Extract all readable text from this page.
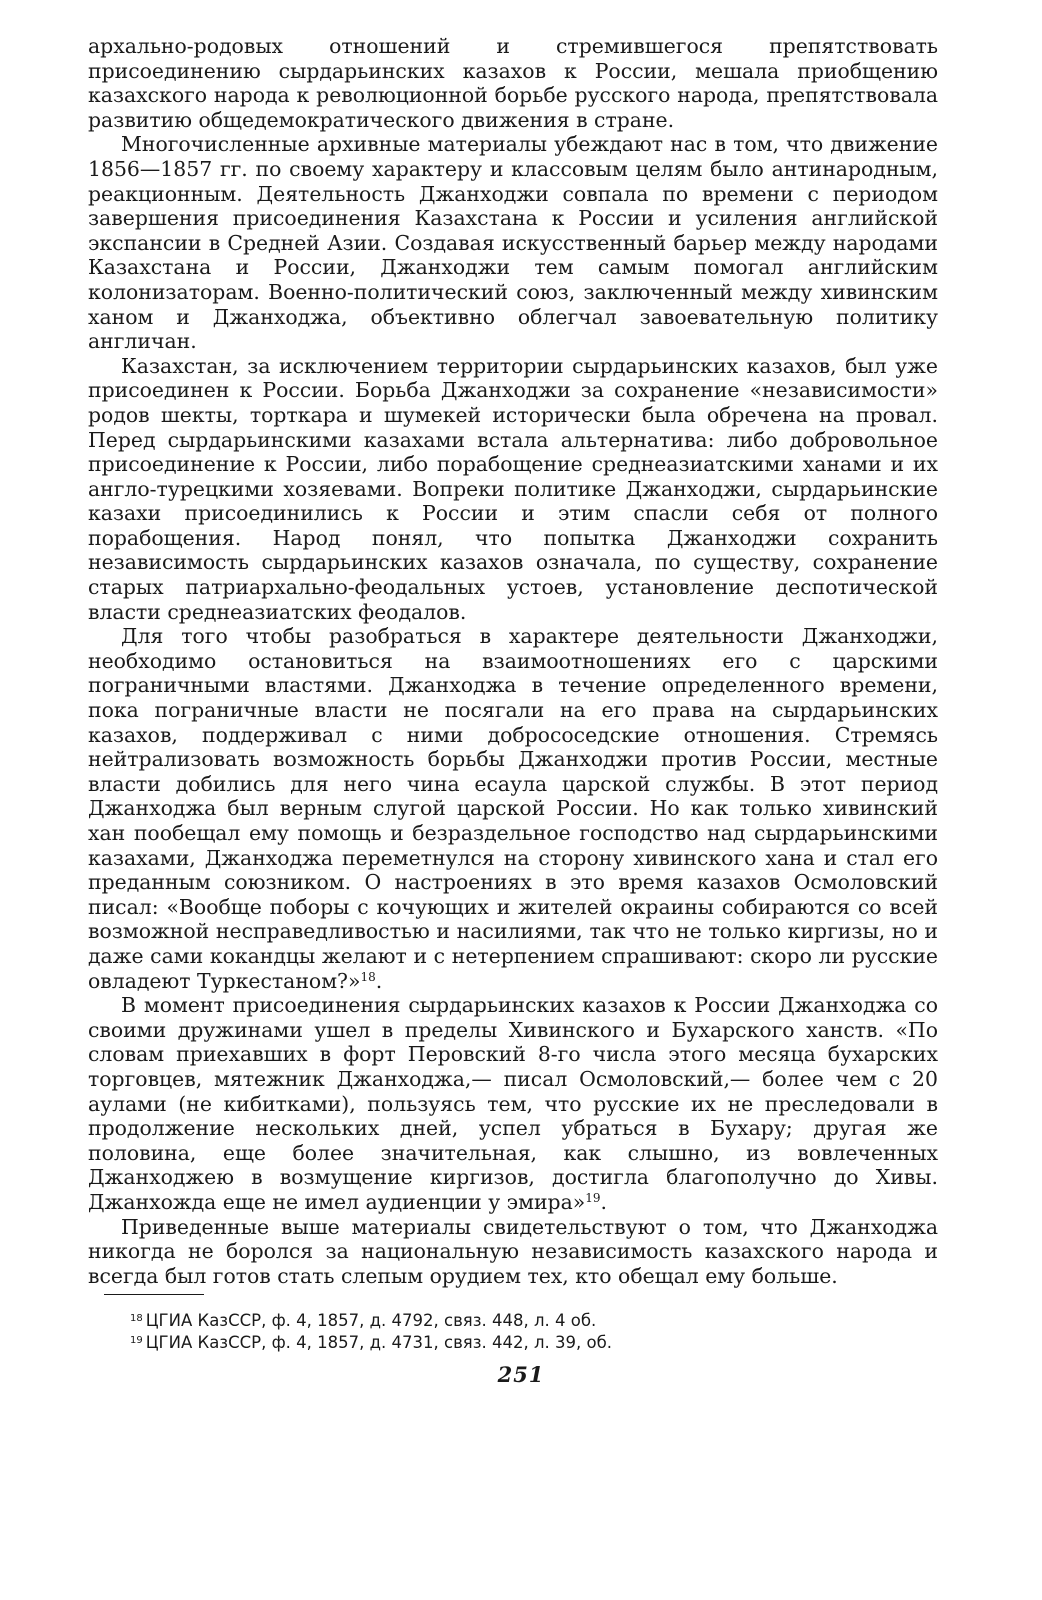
архально-родовых отношений и стремившегося препятствовать присоединению сырдарьинских казахов к России, мешала приобщению казахского народа к революционной борьбе русского народа, препятствовала развитию общедемократического движения в стране.

Многочисленные архивные материалы убеждают нас в том, что движение 1856—1857 гг. по своему характеру и классовым целям было антинародным, реакционным. Деятельность Джанходжи совпала по времени с периодом завершения присоединения Казахстана к России и усиления английской экспансии в Средней Азии. Создавая искусственный барьер между народами Казахстана и России, Джанходжи тем самым помогал английским колонизаторам. Военно-политический союз, заключенный между хивинским ханом и Джанходжа, объективно облегчал завоевательную политику англичан.

Казахстан, за исключением территории сырдарьинских казахов, был уже присоединен к России. Борьба Джанходжи за сохранение «независимости» родов шекты, торткара и шумекей исторически была обречена на провал. Перед сырдарьинскими казахами встала альтернатива: либо добровольное присоединение к России, либо порабощение среднеазиатскими ханами и их англо-турецкими хозяевами. Вопреки политике Джанходжи, сырдарьинские казахи присоединились к России и этим спасли себя от полного порабощения. Народ понял, что попытка Джанходжи сохранить независимость сырдарьинских казахов означала, по существу, сохранение старых патриархально-феодальных устоев, установление деспотической власти среднеазиатских феодалов.

Для того чтобы разобраться в характере деятельности Джанходжи, необходимо остановиться на взаимоотношениях его с царскими пограничными властями. Джанходжа в течение определенного времени, пока пограничные власти не посягали на его права на сырдарьинских казахов, поддерживал с ними добрососедские отношения. Стремясь нейтрализовать возможность борьбы Джанходжи против России, местные власти добились для него чина есаула царской службы. В этот период Джанходжа был верным слугой царской России. Но как только хивинский хан пообещал ему помощь и безраздельное господство над сырдарьинскими казахами, Джанходжа переметнулся на сторону хивинского хана и стал его преданным союзником. О настроениях в это время казахов Осмоловский писал: «Вообще поборы с кочующих и жителей окраины собираются со всей возможной несправедливостью и насилиями, так что не только киргизы, но и даже сами кокандцы желают и с нетерпением спрашивают: скоро ли русские овладеют Туркестаном?»$^{18}$.

В момент присоединения сырдарьинских казахов к России Джанходжа со своими дружинами ушел в пределы Хивинского и Бухарского ханств. «По словам приехавших в форт Перовский 8-го числа этого месяца бухарских торговцев, мятежник Джанходжа,— писал Осмоловский,— более чем с 20 аулами (не кибитками), пользуясь тем, что русские их не преследовали в продолжение нескольких дней, успел убраться в Бухару; другая же половина, еще более значительная, как слышно, из вовлеченных Джанходжею в возмущение киргизов, достигла благополучно до Хивы. Джанхожда еще не имел аудиенции у эмира»$^{19}$.

Приведенные выше материалы свидетельствуют о том, что Джанходжа никогда не боролся за национальную независимость казахского народа и всегда был готов стать слепым орудием тех, кто обещал ему больше.

$^{18}$ ЦГИА КазССР, ф. 4, 1857, д. 4792, связ. 448, л. 4 об.

$^{19}$ ЦГИА КазССР, ф. 4, 1857, д. 4731, связ. 442, л. 39, об.

251
